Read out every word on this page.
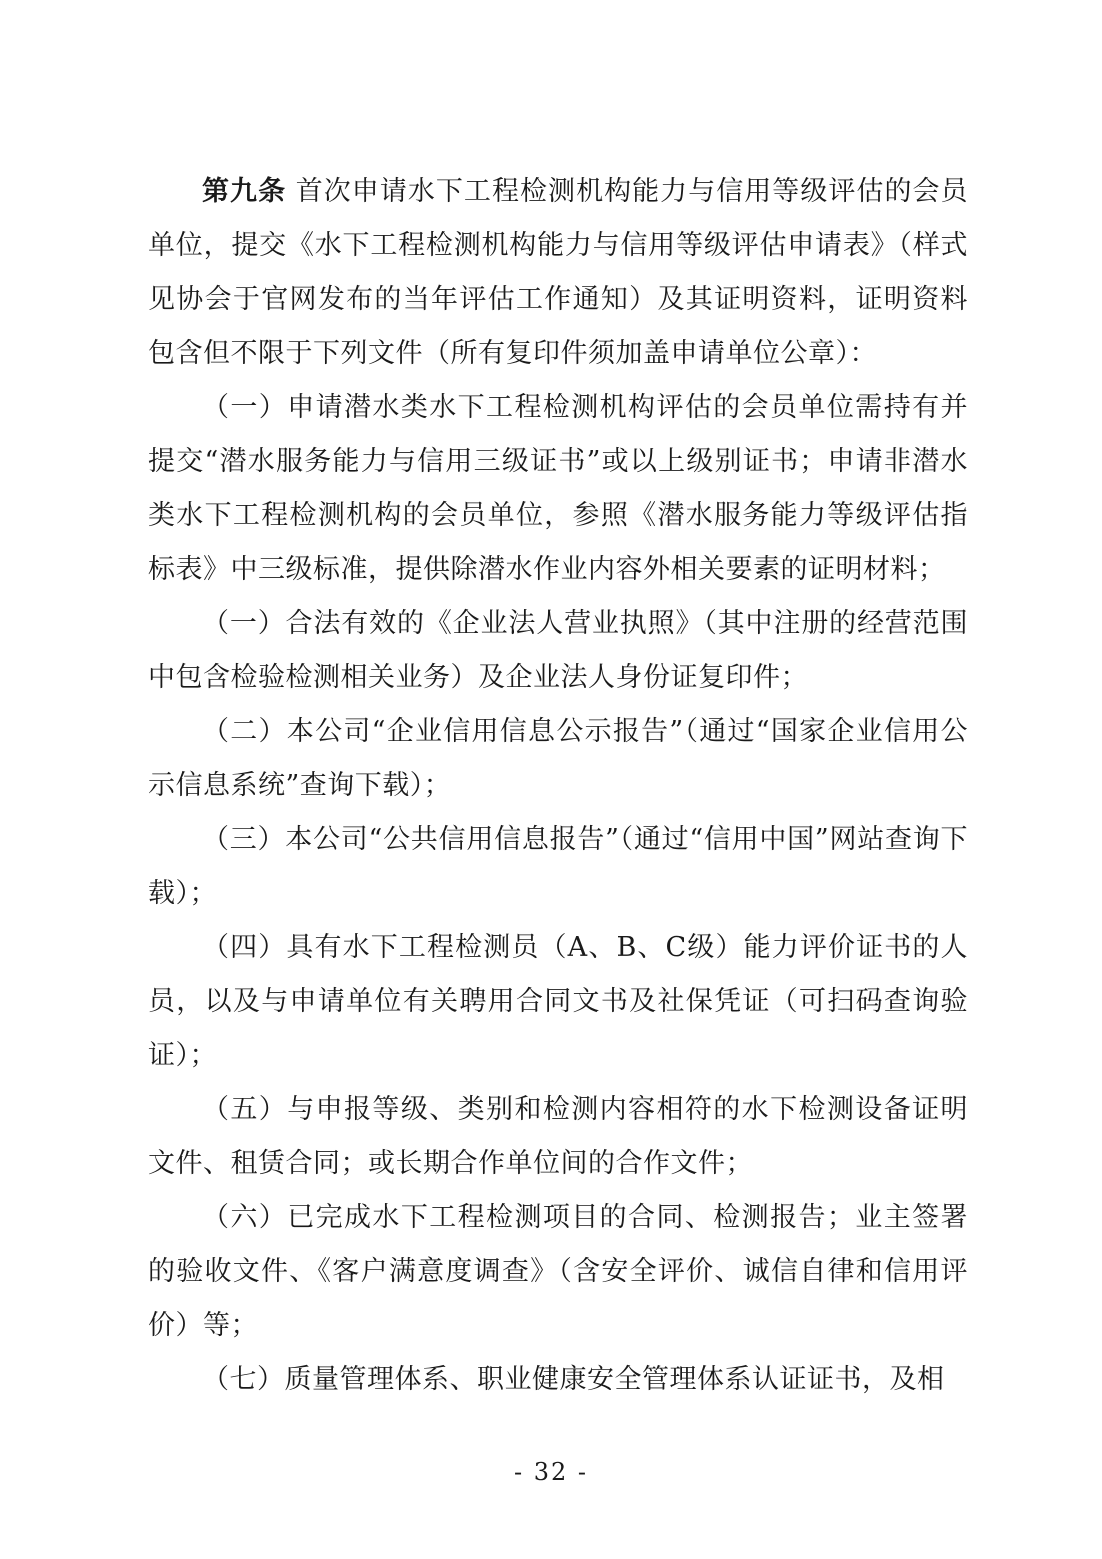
第九条 首次申请水下工程检测机构能力与信用等级评估的会员单位，提交《水下工程检测机构能力与信用等级评估申请表》（样式见协会于官网发布的当年评估工作通知）及其证明资料，证明资料包含但不限于下列文件（所有复印件须加盖申请单位公章）：

（一）申请潜水类水下工程检测机构评估的会员单位需持有并提交“潜水服务能力与信用三级证书”或以上级别证书；申请非潜水类水下工程检测机构的会员单位，参照《潜水服务能力等级评估指标表》中三级标准，提供除潜水作业内容外相关要素的证明材料；

（一）合法有效的《企业法人营业执照》（其中注册的经营范围中包含检验检测相关业务）及企业法人身份证复印件；

（二）本公司“企业信用信息公示报告”（通过“国家企业信用公示信息系统”查询下载）；

（三）本公司“公共信用信息报告”（通过“信用中国”网站查询下载）；

（四）具有水下工程检测员（A、B、C级）能力评价证书的人员，以及与申请单位有关聘用合同文书及社保凭证（可扫码查询验证）；

（五）与申报等级、类别和检测内容相符的水下检测设备证明文件、租赁合同；或长期合作单位间的合作文件；

（六）已完成水下工程检测项目的合同、检测报告；业主签署的验收文件、《客户满意度调查》（含安全评价、诚信自律和信用评价）等；

（七）质量管理体系、职业健康安全管理体系认证证书，及相

- 32 -
